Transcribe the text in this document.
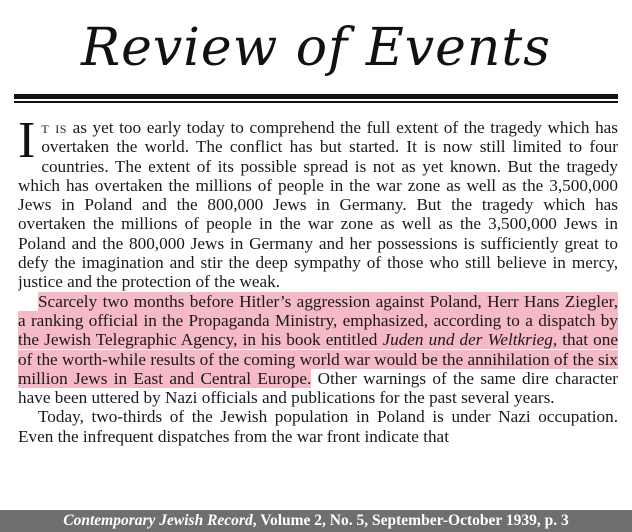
Review of Events

It is as yet too early today to comprehend the full extent of the tragedy which has overtaken the world. The conflict has but started. It is now still limited to four countries. The extent of its possible spread is not as yet known. But the tragedy which has overtaken the millions of people in the war zone as well as the 3,500,000 Jews in Poland and the 800,000 Jews in Germany. But the tragedy which has overtaken the millions of people in the war zone as well as the 3,500,000 Jews in Poland and the 800,000 Jews in Germany and her possessions is sufficiently great to defy the imagination and stir the deep sympathy of those who still believe in mercy, justice and the protection of the weak.

Scarcely two months before Hitler’s aggression against Poland, Herr Hans Ziegler, a ranking official in the Propaganda Ministry, emphasized, according to a dispatch by the Jewish Telegraphic Agency, in his book entitled Juden und der Weltkrieg, that one of the worth-while results of the coming world war would be the annihilation of the six million Jews in East and Central Europe. Other warnings of the same dire character have been uttered by Nazi officials and publications for the past several years.

Today, two-thirds of the Jewish population in Poland is under Nazi occupation. Even the infrequent dispatches from the war front indicate that

Contemporary Jewish Record, Volume 2, No. 5, September-October 1939, p. 3
